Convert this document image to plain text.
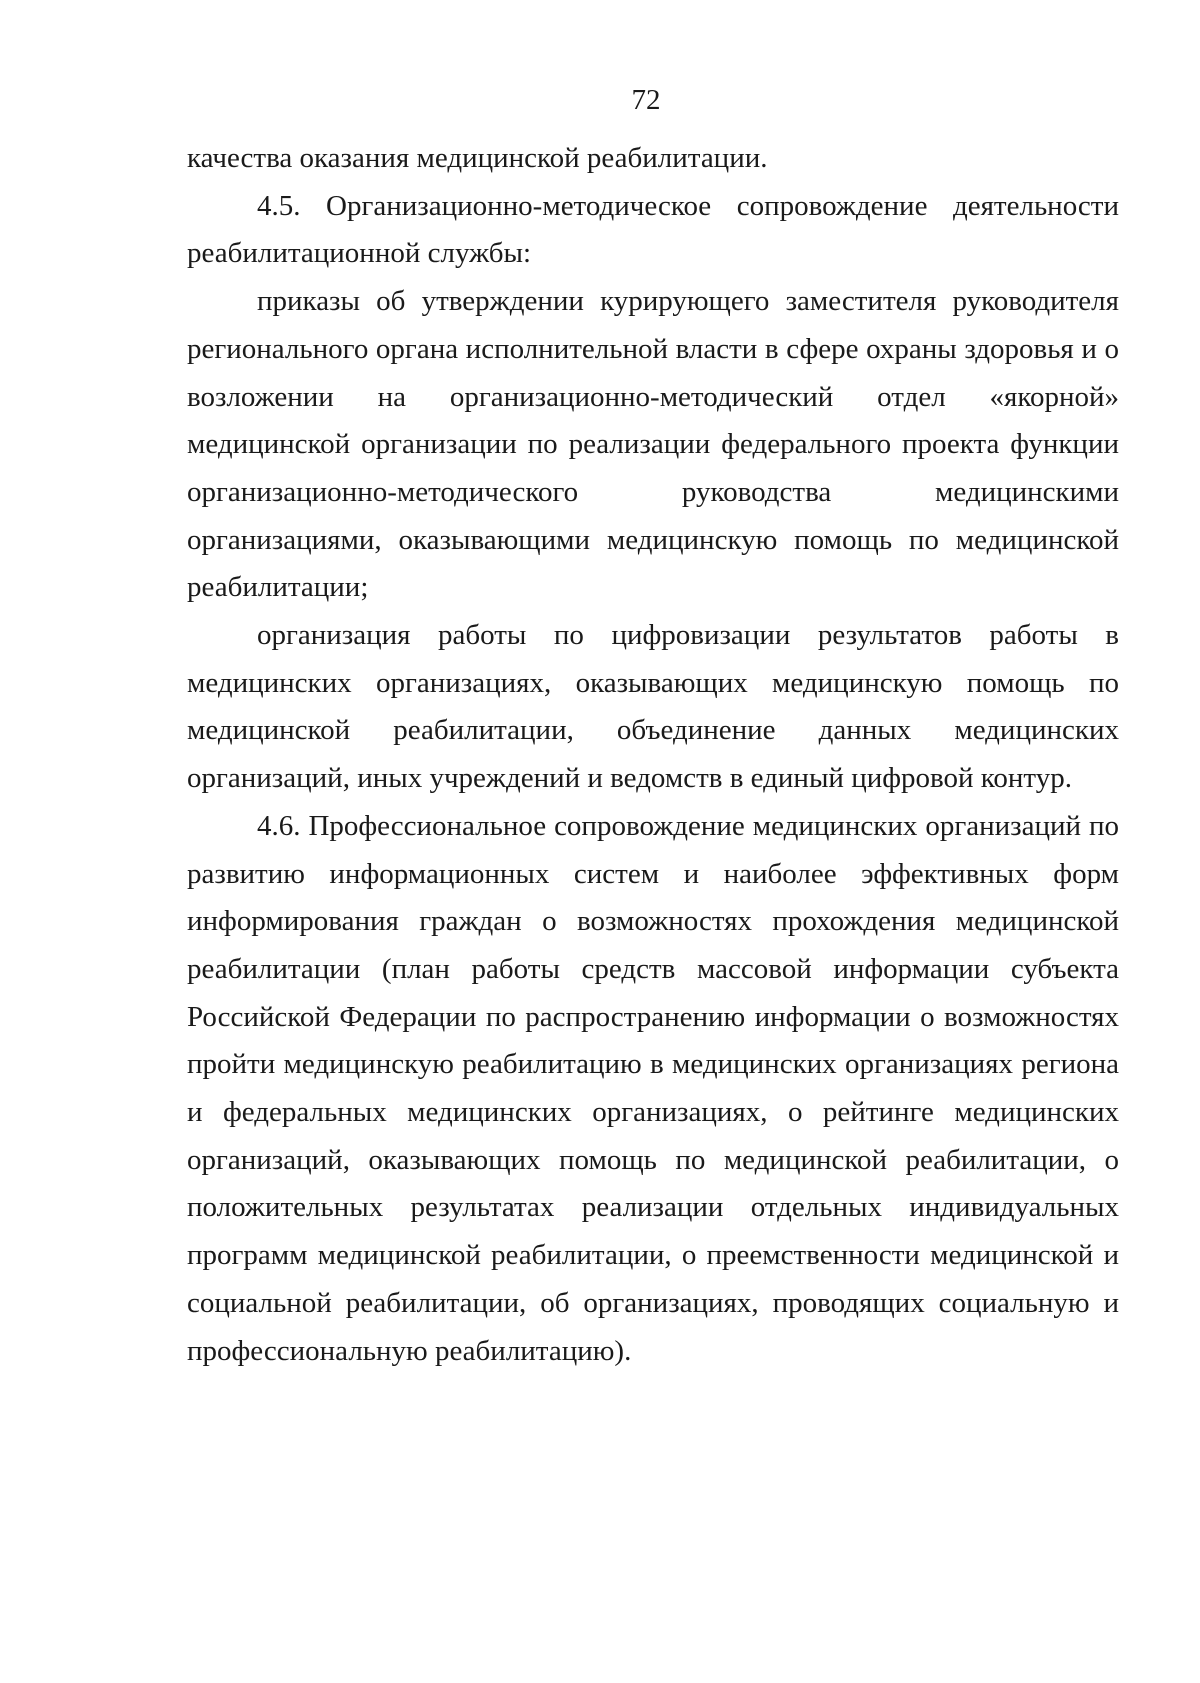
72

качества оказания медицинской реабилитации.

4.5. Организационно-методическое сопровождение деятельности реабилитационной службы:

приказы об утверждении курирующего заместителя руководителя регионального органа исполнительной власти в сфере охраны здоровья и о возложении на организационно-методический отдел «якорной» медицинской организации по реализации федерального проекта функции организационно-методического руководства медицинскими организациями, оказывающими медицинскую помощь по медицинской реабилитации;

организация работы по цифровизации результатов работы в медицинских организациях, оказывающих медицинскую помощь по медицинской реабилитации, объединение данных медицинских организаций, иных учреждений и ведомств в единый цифровой контур.

4.6. Профессиональное сопровождение медицинских организаций по развитию информационных систем и наиболее эффективных форм информирования граждан о возможностях прохождения медицинской реабилитации (план работы средств массовой информации субъекта Российской Федерации по распространению информации о возможностях пройти медицинскую реабилитацию в медицинских организациях региона и федеральных медицинских организациях, о рейтинге медицинских организаций, оказывающих помощь по медицинской реабилитации, о положительных результатах реализации отдельных индивидуальных программ медицинской реабилитации, о преемственности медицинской и социальной реабилитации, об организациях, проводящих социальную и профессиональную реабилитацию).
